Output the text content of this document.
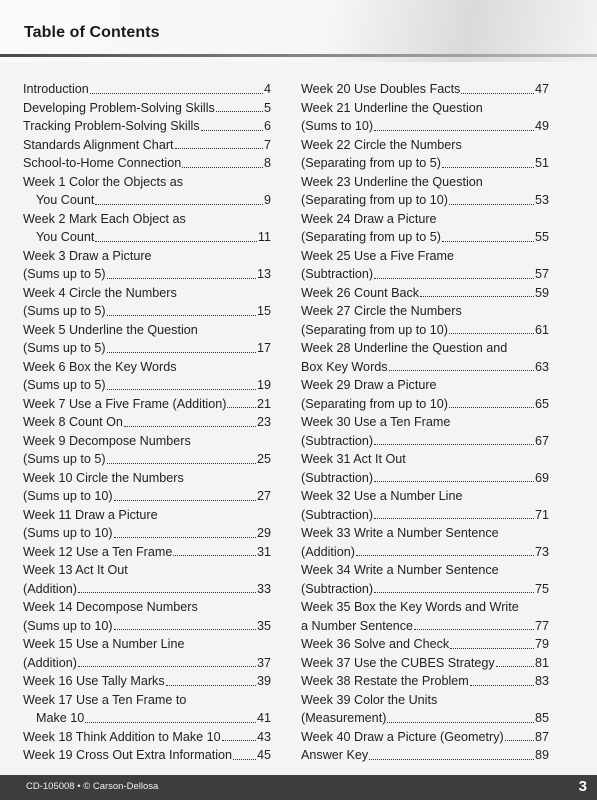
Table of Contents
Introduction	4
Developing Problem-Solving Skills	5
Tracking Problem-Solving Skills	6
Standards Alignment Chart	7
School-to-Home Connection	8
Week 1 Color the Objects as
You Count	9
Week 2 Mark Each Object as
You Count	11
Week 3 Draw a Picture
(Sums up to 5)	13
Week 4 Circle the Numbers
(Sums up to 5)	15
Week 5 Underline the Question
(Sums up to 5)	17
Week 6 Box the Key Words
(Sums up to 5)	19
Week 7 Use a Five Frame (Addition) 21
Week 8 Count On	23
Week 9 Decompose Numbers
(Sums up to 5)	25
Week 10 Circle the Numbers
(Sums up to 10)	27
Week 11 Draw a Picture
(Sums up to 10)	29
Week 12 Use a Ten Frame	31
Week 13 Act It Out
(Addition)	33
Week 14 Decompose Numbers
(Sums up to 10)	35
Week 15 Use a Number Line
(Addition)	37
Week 16 Use Tally Marks	39
Week 17 Use a Ten Frame to
Make 10	41
Week 18 Think Addition to Make 10	43
Week 19 Cross Out Extra Information 45
Week 20 Use Doubles Facts	47
Week 21 Underline the Question
(Sums to 10)	49
Week 22 Circle the Numbers
(Separating from up to 5)	51
Week 23 Underline the Question
(Separating from up to 10)	53
Week 24 Draw a Picture
(Separating from up to 5)	55
Week 25 Use a Five Frame
(Subtraction)	57
Week 26 Count Back	59
Week 27 Circle the Numbers
(Separating from up to 10)	61
Week 28 Underline the Question and
Box Key Words	63
Week 29 Draw a Picture
(Separating from up to 10)	65
Week 30 Use a Ten Frame
(Subtraction)	67
Week 31 Act It Out
(Subtraction)	69
Week 32 Use a Number Line
(Subtraction)	71
Week 33 Write a Number Sentence
(Addition)	73
Week 34 Write a Number Sentence
(Subtraction)	75
Week 35 Box the Key Words and Write
a Number Sentence	77
Week 36 Solve and Check	79
Week 37 Use the CUBES Strategy	81
Week 38 Restate the Problem	83
Week 39 Color the Units
(Measurement)	85
Week 40 Draw a Picture (Geometry) 87
Answer Key	89
CD-105008 • © Carson-Dellosa	3
